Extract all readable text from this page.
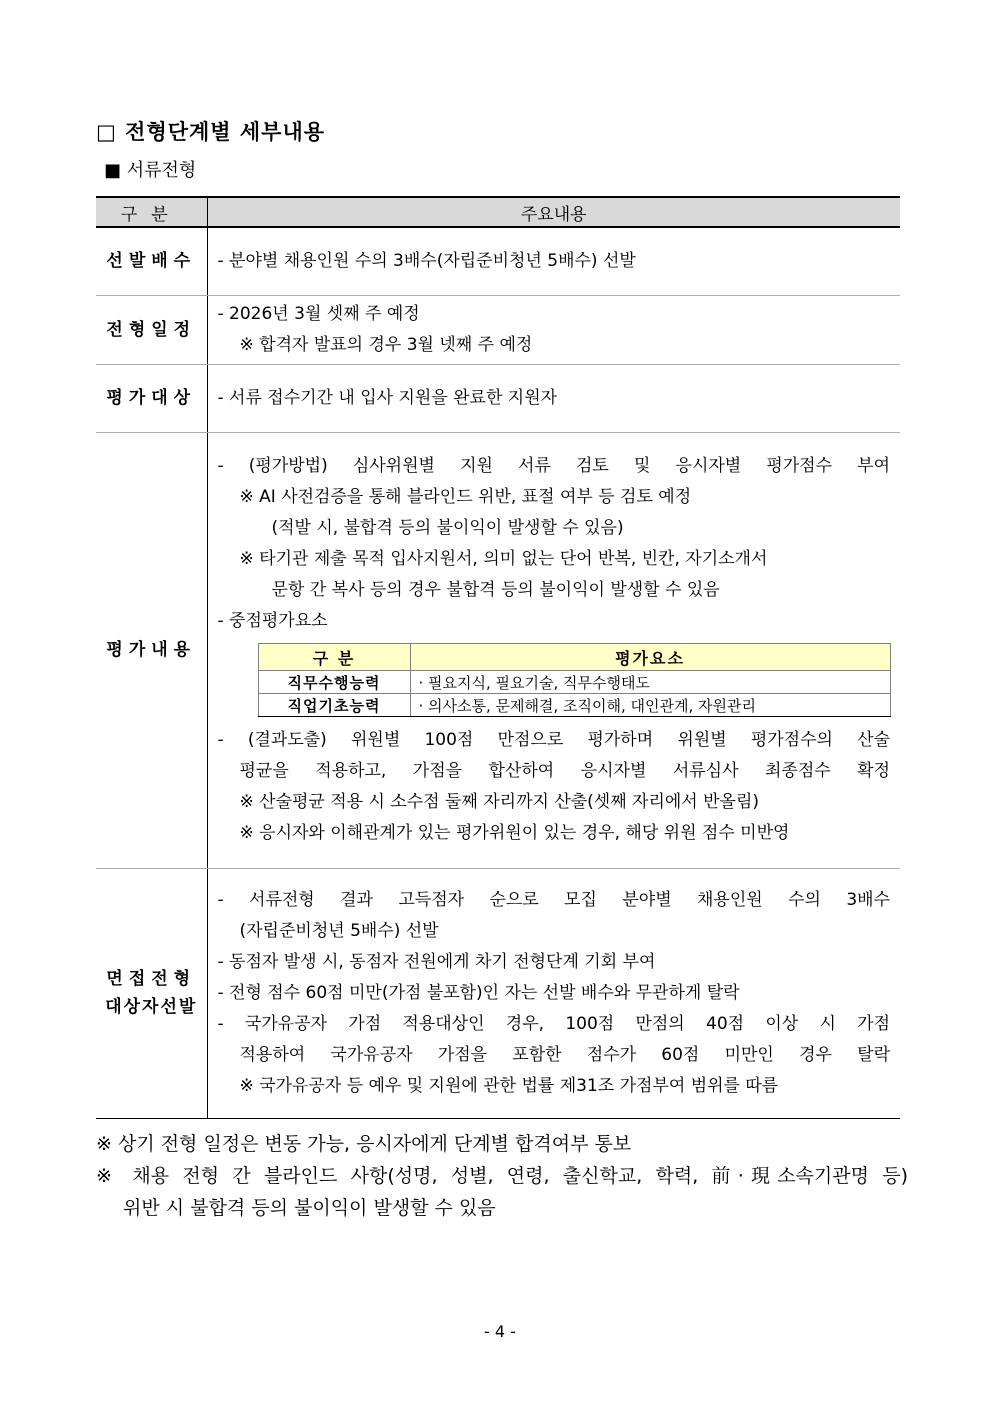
□ 전형단계별 세부내용
■ 서류전형
구분	주요내용
선발배수	- 분야별 채용인원 수의 3배수(자립준비청년 5배수) 선발

전형일정	
- 2026년 3월 셋째 주 예정
※ 합격자 발표의 경우 3월 넷째 주 예정

평가대상	- 서류 접수기간 내 입사 지원을 완료한 지원자

평가내용	
- (평가방법) 심사위원별 지원 서류 검토 및 응시자별 평가점수 부여
※ AI 사전검증을 통해 블라인드 위반, 표절 여부 등 검토 예정
(적발 시, 불합격 등의 불이익이 발생할 수 있음)
※ 타기관 제출 목적 입사지원서, 의미 없는 단어 반복, 빈칸, 자기소개서
문항 간 복사 등의 경우 불합격 등의 불이익이 발생할 수 있음
- 중점평가요소
구 분	평가요소
직무수행능력	· 필요지식, 필요기술, 직무수행태도
직업기초능력	· 의사소통, 문제해결, 조직이해, 대인관계, 자원관리
- (결과도출) 위원별 100점 만점으로 평가하며 위원별 평가점수의 산술
평균을 적용하고, 가점을 합산하여 응시자별 서류심사 최종점수 확정
※ 산술평균 적용 시 소수점 둘째 자리까지 산출(셋째 자리에서 반올림)
※ 응시자와 이해관계가 있는 평가위원이 있는 경우, 해당 위원 점수 미반영

면접전형
대상자선발

- 서류전형 결과 고득점자 순으로 모집 분야별 채용인원 수의 3배수
(자립준비청년 5배수) 선발
- 동점자 발생 시, 동점자 전원에게 차기 전형단계 기회 부여
- 전형 점수 60점 미만(가점 불포함)인 자는 선발 배수와 무관하게 탈락
- 국가유공자 가점 적용대상인 경우, 100점 만점의 40점 이상 시 가점
적용하여 국가유공자 가점을 포함한 점수가 60점 미만인 경우 탈락
※ 국가유공자 등 예우 및 지원에 관한 법률 제31조 가점부여 범위를 따름
※ 상기 전형 일정은 변동 가능, 응시자에게 단계별 합격여부 통보
※ 채용 전형 간 블라인드 사항(성명, 성별, 연령, 출신학교, 학력, 前·現소속기관명 등)
위반 시 불합격 등의 불이익이 발생할 수 있음
- 4 -
